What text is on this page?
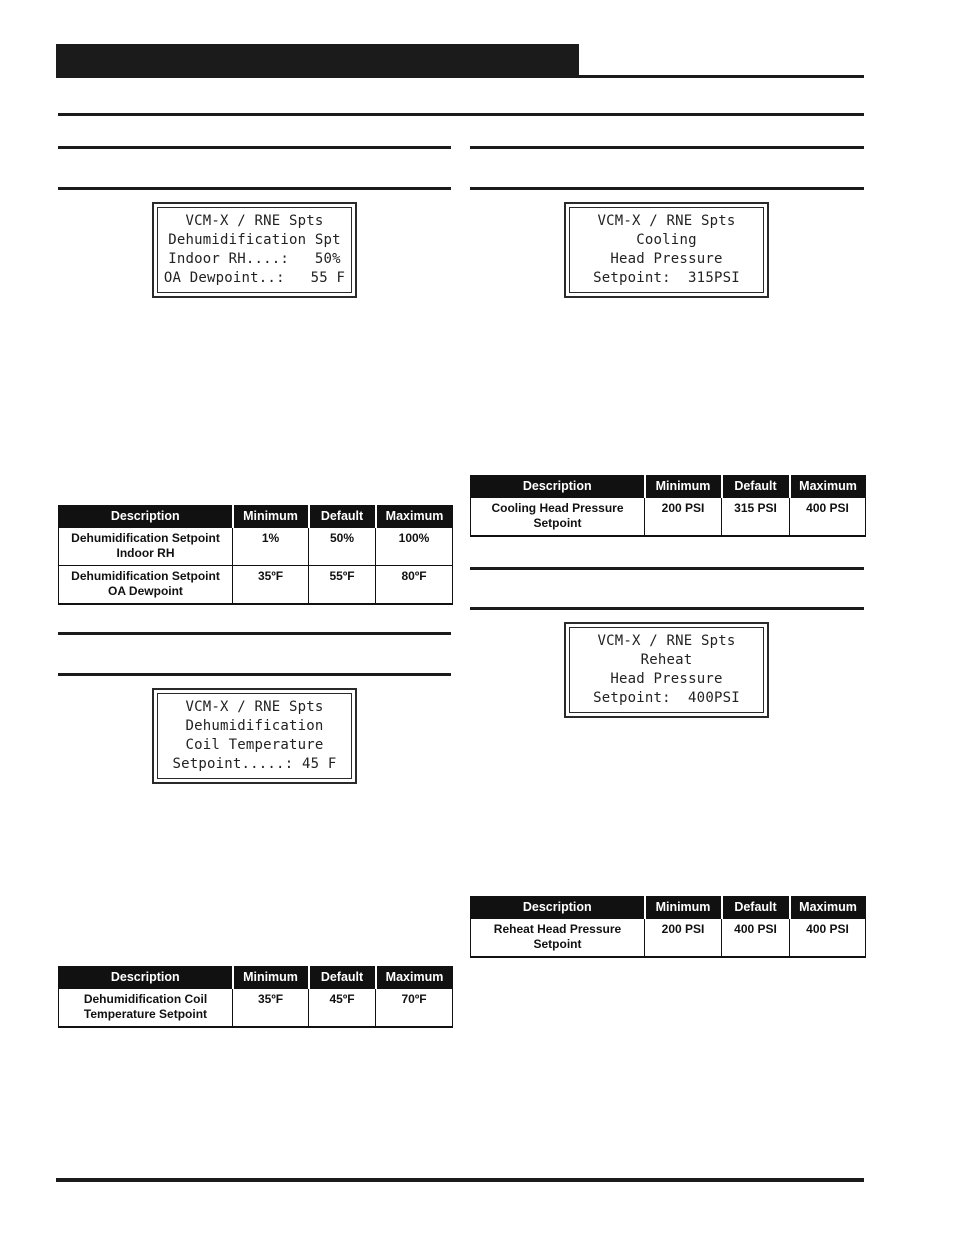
VCM-X / RNE Spts
Dehumidification Spt
Indoor RH....:   50%
OA Dewpoint..:   55 F
Description	Minimum	Default	Maximum
Dehumidification Setpoint Indoor RH	1%	50%	100%
Dehumidification Setpoint OA Dewpoint	35ºF	55ºF	80ºF
VCM-X / RNE Spts
Dehumidification
Coil Temperature
Setpoint.....: 45 F
Description	Minimum	Default	Maximum
Dehumidification Coil Temperature Setpoint	35ºF	45ºF	70ºF
VCM-X / RNE Spts
Cooling
Head Pressure
Setpoint:  315PSI
Description	Minimum	Default	Maximum
Cooling Head Pressure Setpoint	200 PSI	315 PSI	400 PSI
VCM-X / RNE Spts
Reheat
Head Pressure
Setpoint:  400PSI
Description	Minimum	Default	Maximum
Reheat Head Pressure Setpoint	200 PSI	400 PSI	400 PSI
